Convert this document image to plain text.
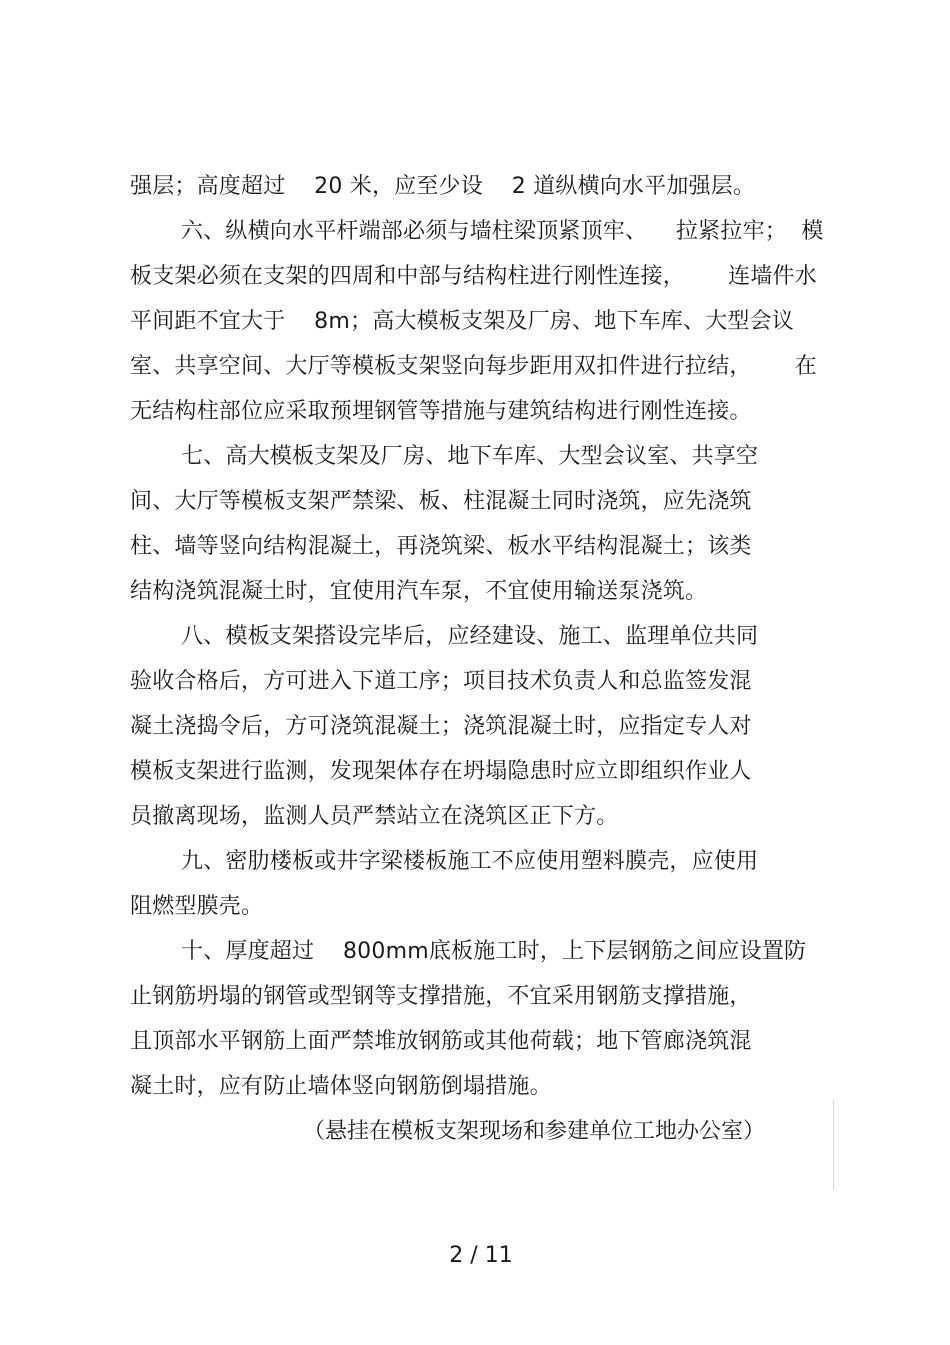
强层；高度超过    20 米，应至少设    2 道纵横向水平加强层。
六、纵横向水平杆端部必须与墙柱梁顶紧顶牢、    拉紧拉牢；  模
板支架必须在支架的四周和中部与结构柱进行刚性连接，      连墙件水
平间距不宜大于    8m；高大模板支架及厂房、地下车库、大型会议
室、共享空间、大厅等模板支架竖向每步距用双扣件进行拉结，      在
无结构柱部位应采取预埋钢管等措施与建筑结构进行刚性连接。
七、高大模板支架及厂房、地下车库、大型会议室、共享空
间、大厅等模板支架严禁梁、板、柱混凝土同时浇筑，应先浇筑
柱、墙等竖向结构混凝土，再浇筑梁、板水平结构混凝土；该类
结构浇筑混凝土时，宜使用汽车泵，不宜使用输送泵浇筑。
八、模板支架搭设完毕后，应经建设、施工、监理单位共同
验收合格后，方可进入下道工序；项目技术负责人和总监签发混
凝土浇捣令后，方可浇筑混凝土；浇筑混凝土时，应指定专人对
模板支架进行监测，发现架体存在坍塌隐患时应立即组织作业人
员撤离现场，监测人员严禁站立在浇筑区正下方。
九、密肋楼板或井字梁楼板施工不应使用塑料膜壳，应使用
阻燃型膜壳。
十、厚度超过    800mm底板施工时，上下层钢筋之间应设置防
止钢筋坍塌的钢管或型钢等支撑措施，不宜采用钢筋支撑措施，
且顶部水平钢筋上面严禁堆放钢筋或其他荷载；地下管廊浇筑混
凝土时，应有防止墙体竖向钢筋倒塌措施。
（悬挂在模板支架现场和参建单位工地办公室）
2 / 11
